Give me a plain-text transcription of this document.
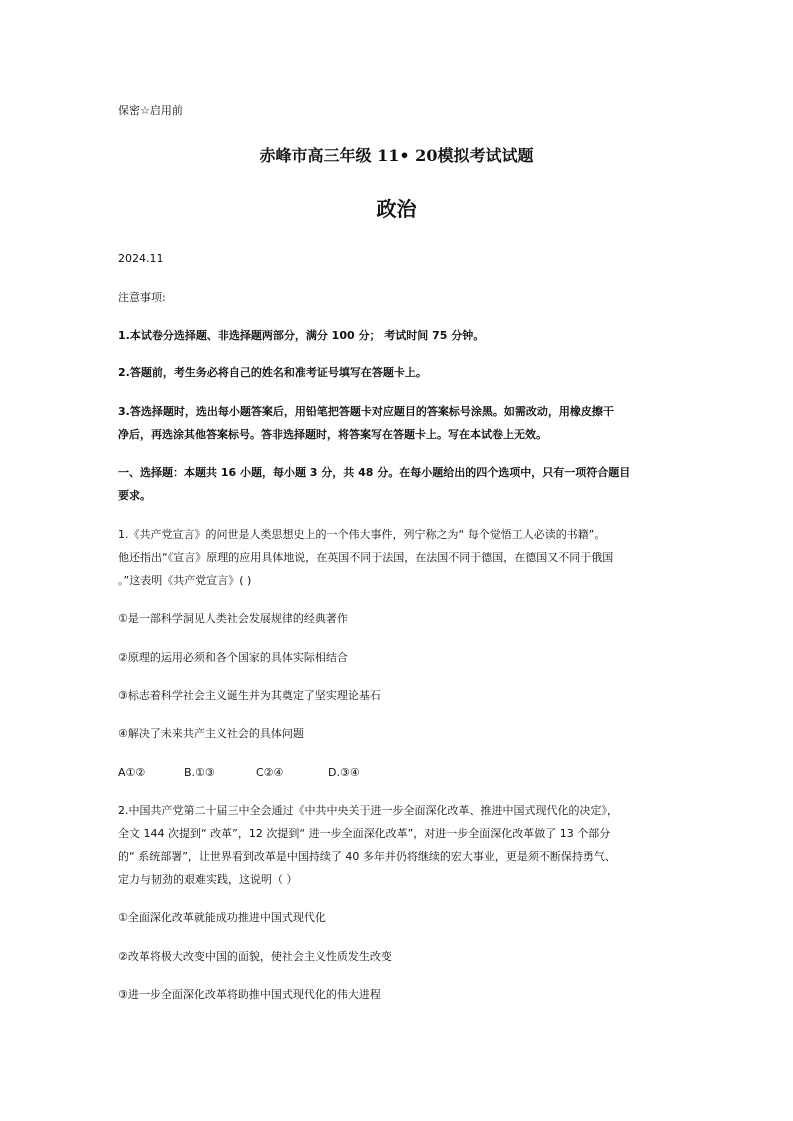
保密☆启用前
赤峰市高三年级 11• 20模拟考试试题
政治
2024.11
注意事项:
1.本试卷分选择题、非选择题两部分，满分 100 分； 考试时间 75 分钟。
2.答题前，考生务必将自己的姓名和准考证号填写在答题卡上。
3.答选择题时，选出每小题答案后，用铅笔把答题卡对应题目的答案标号涂黑。如需改动，用橡皮擦干
净后，再选涂其他答案标号。答非选择题时，将答案写在答题卡上。写在本试卷上无效。
一、选择题：本题共 16 小题，每小题 3 分，共 48 分。在每小题给出的四个选项中，只有一项符合题目
要求。
1.《共产党宣言》的问世是人类思想史上的一个伟大事件，列宁称之为“ 每个觉悟工人必读的书籍”。
他还指出“《宣言》原理的应用具体地说，在英国不同于法国，在法国不同于德国，在德国又不同于俄国
。”这表明《共产党宣言》( )
①是一部科学洞见人类社会发展规律的经典著作
②原理的运用必须和各个国家的具体实际相结合
③标志着科学社会主义诞生并为其奠定了坚实理论基石
④解决了未来共产主义社会的具体问题
A①②	B.①③	C②④	D.③④
2.中国共产党第二十届三中全会通过《中共中央关于进一步全面深化改革、推进中国式现代化的决定》，
全文 144 次提到“ 改革”，12 次提到“ 进一步全面深化改革”，对进一步全面深化改革做了 13 个部分
的“ 系统部署”，让世界看到改革是中国持续了 40 多年并仍将继续的宏大事业，更是须不断保持勇气、
定力与韧劲的艰难实践，这说明（ ）
①全面深化改革就能成功推进中国式现代化
②改革将极大改变中国的面貌，使社会主义性质发生改变
③进一步全面深化改革将助推中国式现代化的伟大进程
